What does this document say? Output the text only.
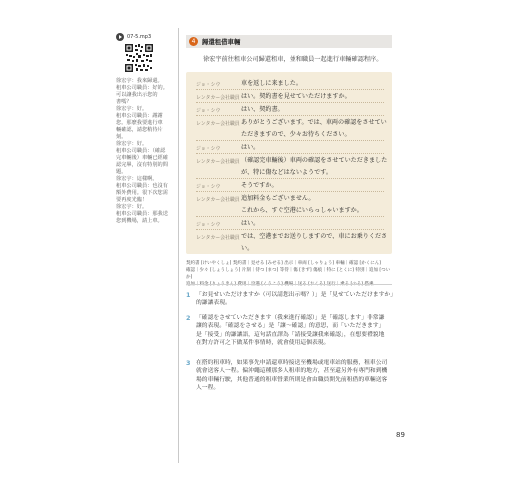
07-5.mp3
徐宏宇：我來歸還。
租車公司職員：好的。
可以讓我出示您的
書嗎？
徐宏宇：好。
租車公司職員：謝謝
您。那麼我要進行車
輛確認，請您稍待片刻。
徐宏宇：好。
租車公司職員：（確認
完車輛後）車輛已經確
認完畢，沒有特別的問
題。
徐宏宇：這樣啊。
租車公司職員：也沒有
額外費用。很下次您需
要再度光臨！
徐宏宇：好。
租車公司職員：那我送
您到機場，請上車。
4	歸還租借車輛
徐宏宇前往租車公司歸還租車，並和職員一起進行車輛確認程序。
ジョ・シウ	車を返しに来ました。
レンタカー会社職員 はい。契約書を見せていただけますか。
ジョ・シウ	はい、契約書。
レンタカー会社職員 ありがとうございます。では、車両の確認をさせてい
ただきますので、少々お待ちください。
ジョ・シウ	はい。
レンタカー会社職員 （確認完車輛後）車両の確認をさせていただきました
が、特に傷などはないようです。
ジョ・シウ	そうですか。
レンタカー会社職員 追加料金もございません。
これから、すぐ空港にいらっしゃいますか。
ジョ・シウ	はい。
レンタカー会社職員 では、空港までお送りしますので、車にお乗りくださ
い。
契約書 [けいやくしょ] 契約書｜見せる [みせる] 出示｜車両 [しゃりょう] 車輛｜確認 [かくにん]
確認｜少々 [しょうしょう] 片刻｜待つ [まつ] 等待｜傷 [きず] 傷痕｜特に [とくに] 特別｜追加 [ついか]
1 「お見せいただけますか（可以請您出示嗎？）」是「見せていただけますか」的謙讓表現。
2 「確認をさせていただきます（我來進行確認）」是「確認します」非常謙
讓的表現。「確認をさせる」是「讓～確認」的意思，而「いただきます」
是「接受」的謙讓語，這句話直譯為「請接受讓我來確認」，在想要禮貌地
在對方許可之下做某件事情時，就會使用這個表現。
3 在搭約租車時，如果事先申請還車時接送至機場或電車站的服務，租車公司
就會送客人一程。偏沖繩這種那多人租車的地方，甚至還另外有專門和到機
場的車輛行駛，其他普通的租車營業所則是會由職員開先前租借的車輛送客
人一程。
89
